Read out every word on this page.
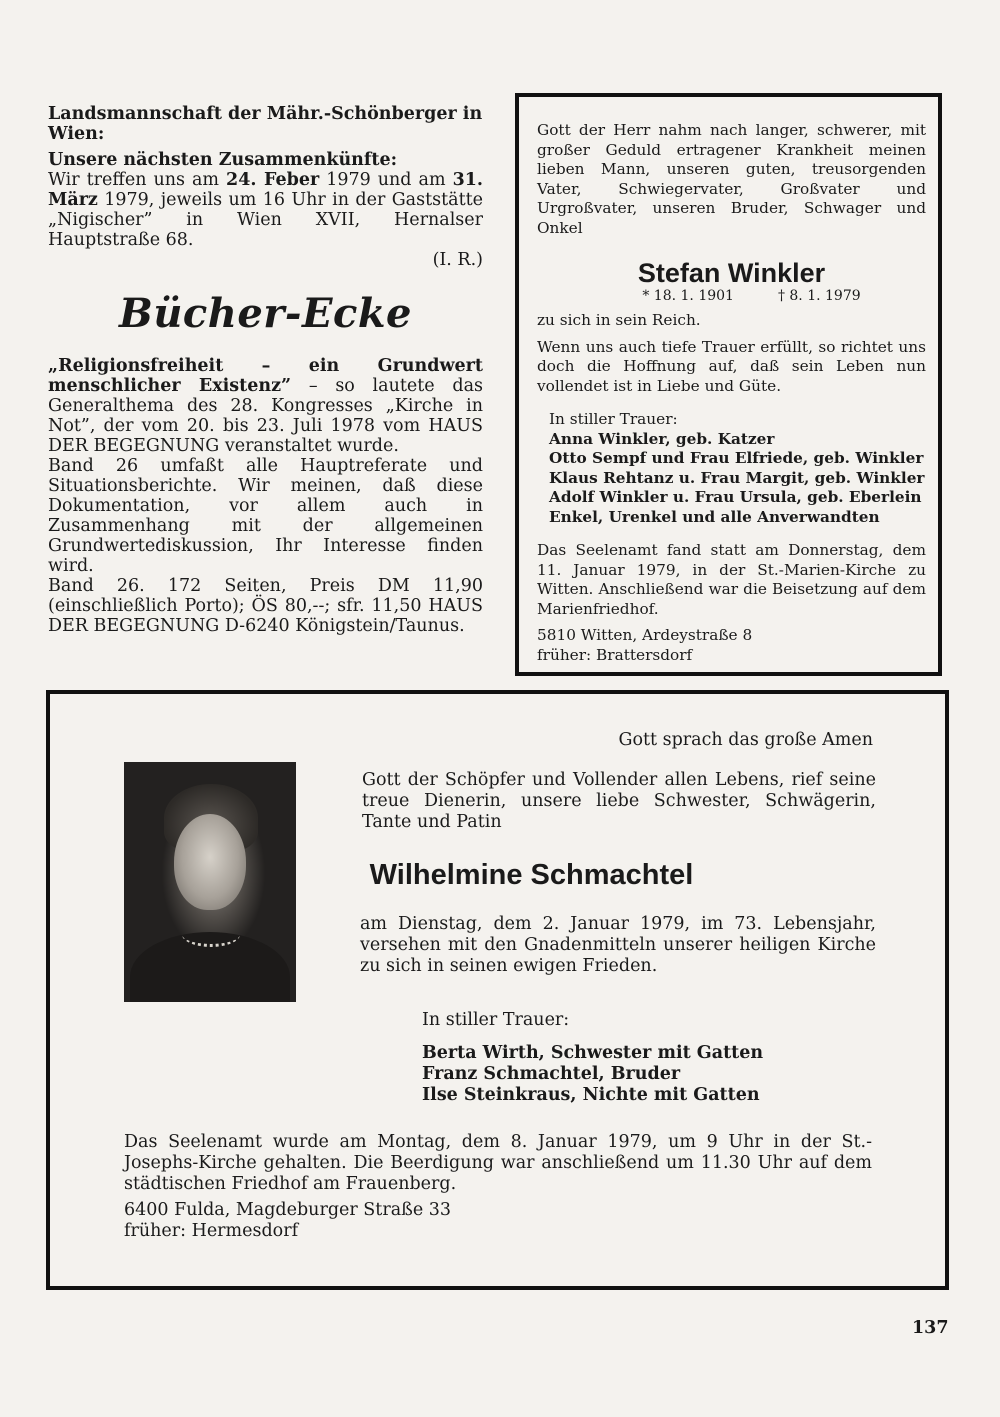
Landsmannschaft der Mähr.-Schönberger in Wien:

Unsere nächsten Zusammenkünfte:

Wir treffen uns am 24. Feber 1979 und am 31. März 1979, jeweils um 16 Uhr in der Gaststätte „Nigischer” in Wien XVII, Hernalser Hauptstraße 68.

(I. R.)
Bücher-Ecke

„Religionsfreiheit – ein Grundwert menschlicher Existenz” – so lautete das Generalthema des 28. Kongresses „Kirche in Not”, der vom 20. bis 23. Juli 1978 vom HAUS DER BEGEGNUNG veranstaltet wurde.

Band 26 umfaßt alle Hauptreferate und Situationsberichte. Wir meinen, daß diese Dokumentation, vor allem auch in Zusammenhang mit der allgemeinen Grundwertediskussion, Ihr Interesse finden wird.

Band 26. 172 Seiten, Preis DM 11,90 (einschließlich Porto); ÖS 80,--; sfr. 11,50 HAUS DER BEGEGNUNG D-6240 Königstein/Taunus.

Gott der Herr nahm nach langer, schwerer, mit großer Geduld ertragener Krankheit meinen lieben Mann, unseren guten, treusorgenden Vater, Schwiegervater, Großvater und Urgroßvater, unseren Bruder, Schwager und Onkel

Stefan Winkler
* 18. 1. 1901	† 8. 1. 1979

zu sich in sein Reich.

Wenn uns auch tiefe Trauer erfüllt, so richtet uns doch die Hoffnung auf, daß sein Leben nun vollendet ist in Liebe und Güte.

In stiller Trauer:

Anna Winkler, geb. Katzer

Otto Sempf und Frau Elfriede, geb. Winkler

Klaus Rehtanz u. Frau Margit, geb. Winkler

Adolf Winkler u. Frau Ursula, geb. Eberlein

Enkel, Urenkel und alle Anverwandten

Das Seelenamt fand statt am Donnerstag, dem 11. Januar 1979, in der St.-Marien-Kirche zu Witten. Anschließend war die Beisetzung auf dem Marienfriedhof.

5810 Witten, Ardeystraße 8

früher: Brattersdorf

Gott sprach das große Amen

Gott der Schöpfer und Vollender allen Lebens, rief seine treue Dienerin, unsere liebe Schwester, Schwägerin, Tante und Patin

Wilhelmine Schmachtel

am Dienstag, dem 2. Januar 1979, im 73. Lebensjahr, versehen mit den Gnadenmitteln unserer heiligen Kirche zu sich in seinen ewigen Frieden.

In stiller Trauer:

Berta Wirth, Schwester mit Gatten

Franz Schmachtel, Bruder

Ilse Steinkraus, Nichte mit Gatten

Das Seelenamt wurde am Montag, dem 8. Januar 1979, um 9 Uhr in der St.-Josephs-Kirche gehalten. Die Beerdigung war anschließend um 11.30 Uhr auf dem städtischen Friedhof am Frauenberg.

6400 Fulda, Magdeburger Straße 33

früher: Hermesdorf

137
